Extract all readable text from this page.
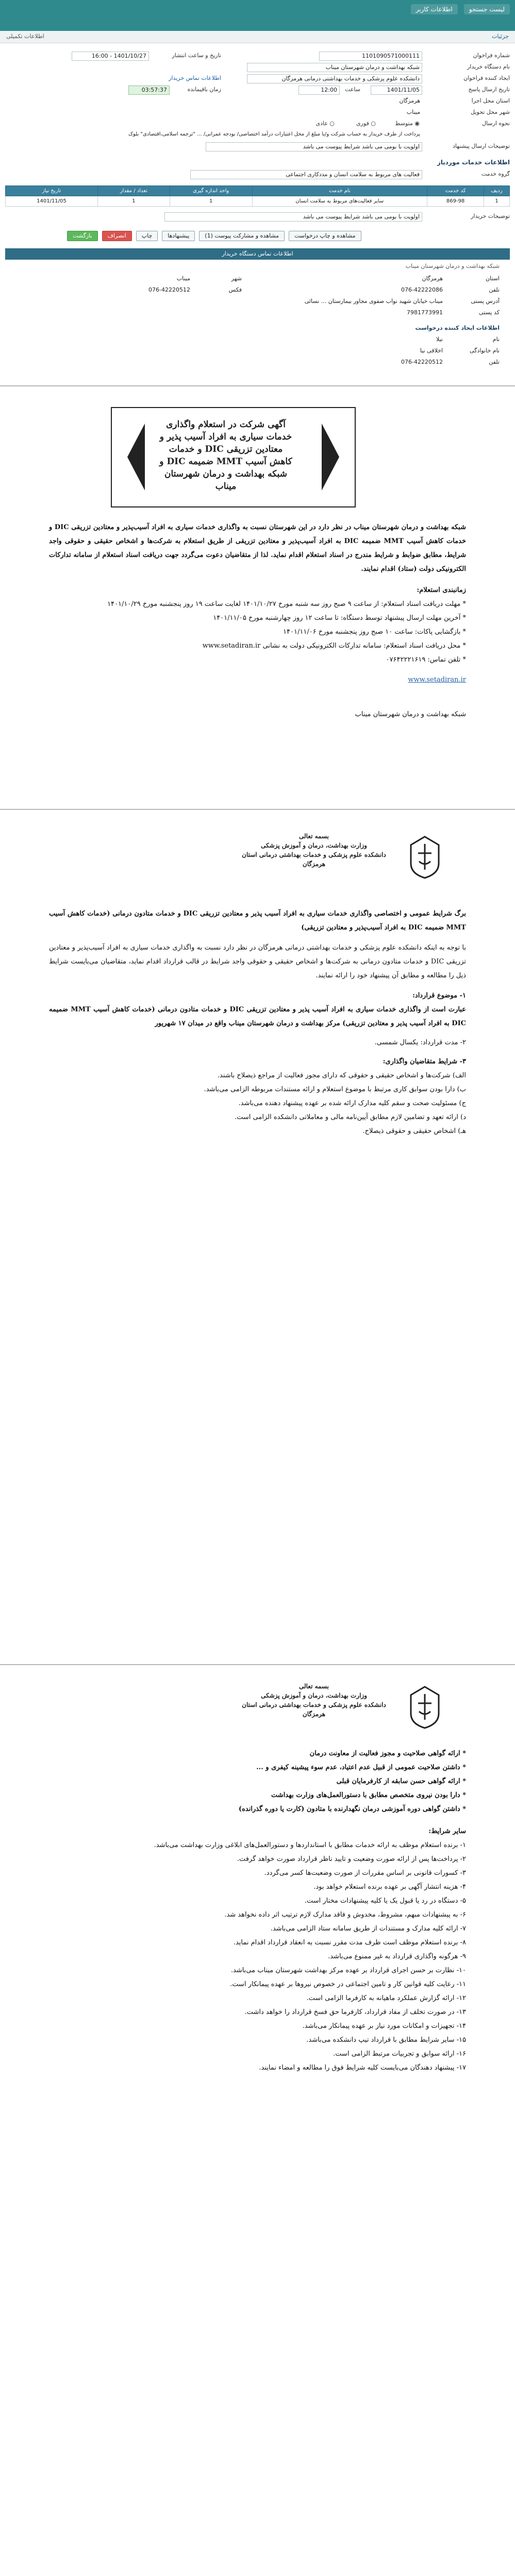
لیست جستجو
اطلاعات کاربر
جزئیات
اطلاعات تکمیلی
شماره فراخوان
1101090571000111
تاریخ و ساعت انتشار
1401/10/27 - 16:00
نام دستگاه خریدار
شبکه بهداشت و درمان شهرستان میناب
ایجاد کننده فراخوان
دانشکده علوم پزشکی و خدمات بهداشتی درمانی هرمزگان
اطلاعات تماس خریدار
تاریخ ارسال پاسخ
1401/11/05
ساعت
12:00
زمان باقیمانده
03:57:37
استان محل اجرا
هرمزگان
شهر محل تحویل
میناب
نحوه ارسال
◉ متوسط
○ فوری
○ عادی
پرداخت از طرف خریدار به حساب شرکت و/یا مبلغ از محل اعتبارات درآمد اختصاصی/ بودجه عمرانی/ ... "ترجمه اسلامی،اقتصادی" بلوک
توضیحات ارسال پیشنهاد
اولویت با بومی می باشد شرایط پیوست می باشد
اطلاعات خدمات موردیاز
گروه خدمت
فعالیت های مربوط به سلامت انسان و مددکاری اجتماعی
ردیف	کد خدمت	نام خدمت	واحد اندازه گیری	تعداد / مقدار	تاریخ نیاز
1	869-98	سایر فعالیت‌های مربوط به سلامت انسان	1	1	1401/11/05
توضیحات خریدار
اولویت با بومی می باشد شرایط پیوست می باشد
مشاهده و چاپ درخواست
مشاهده و مشارکت پیوست (1)
پیشنهادها
چاپ
انصراف
بازگشت
اطلاعات تماس دستگاه خریدار
شبکه بهداشت و درمان شهرستان میناب
استان
هرمزگان
شهر
میناب
تلفن
076-42222086
فکس
076-42220512
آدرس پستی
میناب خیابان شهید نواب صفوی مجاور بیمارستان ... نسائی
کد پستی
7981773991
اطلاعات ایجاد کننده درخواست
نام
نیلا
نام خانوادگی
اخلاقی نیا
تلفن
076-42220512
آگهی شرکت در استعلام واگذاری خدمات سیاری به افراد آسیب پذیر و معتادین تزریقی DIC و خدمات کاهش آسیب MMT ضمیمه DIC و شبکه بهداشت و درمان شهرستان میناب

شبکه بهداشت و درمان شهرستان میناب در نظر دارد در این شهرستان نسبت به واگذاری خدمات سیاری به افراد آسیب‌پذیر و معتادین تزریقی DIC و خدمات کاهش آسیب MMT ضمیمه DIC به افراد آسیب‌پذیر و معتادین تزریقی از طریق استعلام به شرکت‌ها و اشخاص حقیقی و حقوقی واجد شرایط، مطابق ضوابط و شرایط مندرج در اسناد استعلام اقدام نماید. لذا از متقاضیان دعوت می‌گردد جهت دریافت اسناد استعلام از سامانه تدارکات الکترونیکی دولت (ستاد) اقدام نمایند.

زمانبندی استعلام:

* مهلت دریافت اسناد استعلام: از ساعت ۹ صبح روز سه شنبه مورخ ۱۴۰۱/۱۰/۲۷ لغایت ساعت ۱۹ روز پنجشنبه مورخ ۱۴۰۱/۱۰/۲۹

* آخرین مهلت ارسال پیشنهاد توسط دستگاه: تا ساعت ۱۲ روز چهارشنبه مورخ ۱۴۰۱/۱۱/۰۵

* بازگشایی پاکات: ساعت ۱۰ صبح روز پنجشنبه مورخ ۱۴۰۱/۱۱/۰۶

* محل دریافت اسناد استعلام: سامانه تدارکات الکترونیکی دولت به نشانی www.setadiran.ir

* تلفن تماس: ۰۷۶۴۲۲۲۱۶۱۹

www.setadiran.ir

شبکه بهداشت و درمان شهرستان میناب

بسمه تعالی
وزارت بهداشت، درمان و آموزش پزشکی
دانشکده علوم پزشکی و خدمات بهداشتی درمانی استان هرمزگان

برگ شرایط عمومی و اختصاصی واگذاری خدمات سیاری به افراد آسیب پذیر و معتادین تزریقی DIC و خدمات متادون درمانی (خدمات کاهش آسیب MMT ضمیمه DIC به افراد آسیب‌پذیر و معتادین تزریقی)

با توجه به اینکه دانشکده علوم پزشکی و خدمات بهداشتی درمانی هرمزگان در نظر دارد نسبت به واگذاری خدمات سیاری به افراد آسیب‌پذیر و معتادین تزریقی DIC و خدمات متادون درمانی به شرکت‌ها و اشخاص حقیقی و حقوقی واجد شرایط در قالب قرارداد اقدام نماید، متقاضیان می‌بایست شرایط ذیل را مطالعه و مطابق آن پیشنهاد خود را ارائه نمایند.

۱- موضوع قرارداد:

عبارت است از واگذاری خدمات سیاری به افراد آسیب پذیر و معتادین تزریقی DIC و خدمات متادون درمانی (خدمات کاهش آسیب MMT ضمیمه DIC به افراد آسیب پذیر و معتادین تزریقی) مرکز بهداشت و درمان شهرستان میناب واقع در میدان ۱۷ شهریور

۲- مدت قرارداد: یکسال شمسی.

۳- شرایط متقاضیان واگذاری:

الف) شرکت‌ها و اشخاص حقیقی و حقوقی که دارای مجوز فعالیت از مراجع ذیصلاح باشند.

ب) دارا بودن سوابق کاری مرتبط با موضوع استعلام و ارائه مستندات مربوطه الزامی می‌باشد.

ج) مسئولیت صحت و سقم کلیه مدارک ارائه شده بر عهده پیشنهاد دهنده می‌باشد.

د) ارائه تعهد و تضامین لازم مطابق آیین‌نامه مالی و معاملاتی دانشکده الزامی است.

هـ) اشخاص حقیقی و حقوقی ذیصلاح.

بسمه تعالی
وزارت بهداشت، درمان و آموزش پزشکی
دانشکده علوم پزشکی و خدمات بهداشتی درمانی استان هرمزگان

* ارائه گواهی صلاحیت و مجوز فعالیت از معاونت درمان

* داشتن صلاحیت عمومی از قبیل عدم اعتیاد، عدم سوء پیشینه کیفری و ...

* ارائه گواهی حسن سابقه از کارفرمایان قبلی

* دارا بودن نیروی متخصص مطابق با دستورالعمل‌های وزارت بهداشت

* داشتن گواهی دوره آموزشی درمان نگهدارنده با متادون (کارت یا دوره گذرانده)

سایر شرایط:

۱- برنده استعلام موظف به ارائه خدمات مطابق با استانداردها و دستورالعمل‌های ابلاغی وزارت بهداشت می‌باشد.

۲- پرداخت‌ها پس از ارائه صورت وضعیت و تایید ناظر قرارداد صورت خواهد گرفت.

۳- کسورات قانونی بر اساس مقررات از صورت وضعیت‌ها کسر می‌گردد.

۴- هزینه انتشار آگهی بر عهده برنده استعلام خواهد بود.

۵- دستگاه در رد یا قبول یک یا کلیه پیشنهادات مختار است.

۶- به پیشنهادات مبهم، مشروط، مخدوش و فاقد مدارک لازم ترتیب اثر داده نخواهد شد.

۷- ارائه کلیه مدارک و مستندات از طریق سامانه ستاد الزامی می‌باشد.

۸- برنده استعلام موظف است ظرف مدت مقرر نسبت به انعقاد قرارداد اقدام نماید.

۹- هرگونه واگذاری قرارداد به غیر ممنوع می‌باشد.

۱۰- نظارت بر حسن اجرای قرارداد بر عهده مرکز بهداشت شهرستان میناب می‌باشد.

۱۱- رعایت کلیه قوانین کار و تامین اجتماعی در خصوص نیروها بر عهده پیمانکار است.

۱۲- ارائه گزارش عملکرد ماهیانه به کارفرما الزامی است.

۱۳- در صورت تخلف از مفاد قرارداد، کارفرما حق فسخ قرارداد را خواهد داشت.

۱۴- تجهیزات و امکانات مورد نیاز بر عهده پیمانکار می‌باشد.

۱۵- سایر شرایط مطابق با قرارداد تیپ دانشکده می‌باشد.

۱۶- ارائه سوابق و تجربیات مرتبط الزامی است.

۱۷- پیشنهاد دهندگان می‌بایست کلیه شرایط فوق را مطالعه و امضاء نمایند.
